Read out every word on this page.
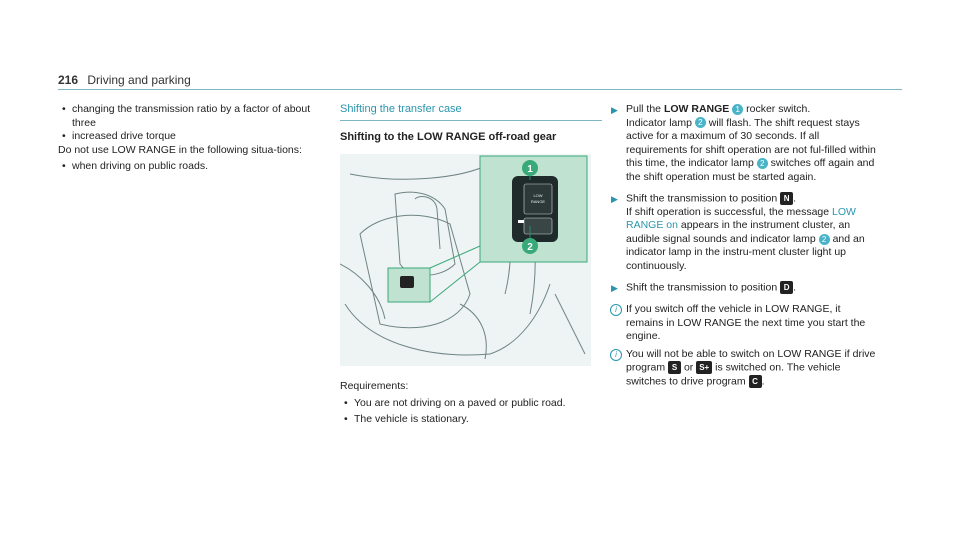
216 Driving and parking
• changing the transmission ratio by a factor of about three
• increased drive torque

Do not use LOW RANGE in the following situa-tions:

• when driving on public roads.
Shifting the transfer case
Shifting to the LOW RANGE off-road gear
LOW
RANGE
1
2

Requirements:

• You are not driving on a paved or public road.
• The vehicle is stationary.
▶ Pull the LOW RANGE 1 rocker switch.
Indicator lamp 2 will flash. The shift request stays active for a maximum of 30 seconds. If all requirements for shift operation are not ful-filled within this time, the indicator lamp 2 switches off again and the shift operation must be started again.
▶ Shift the transmission to position N .
If shift operation is successful, the message LOW RANGE on appears in the instrument cluster, an audible signal sounds and indicator lamp 2 and an indicator lamp in the instru-ment cluster light up continuously.
▶ Shift the transmission to position D .
i If you switch off the vehicle in LOW RANGE, it remains in LOW RANGE the next time you start the engine.
i You will not be able to switch on LOW RANGE if drive program S or S+ is switched on. The vehicle switches to drive program C .
